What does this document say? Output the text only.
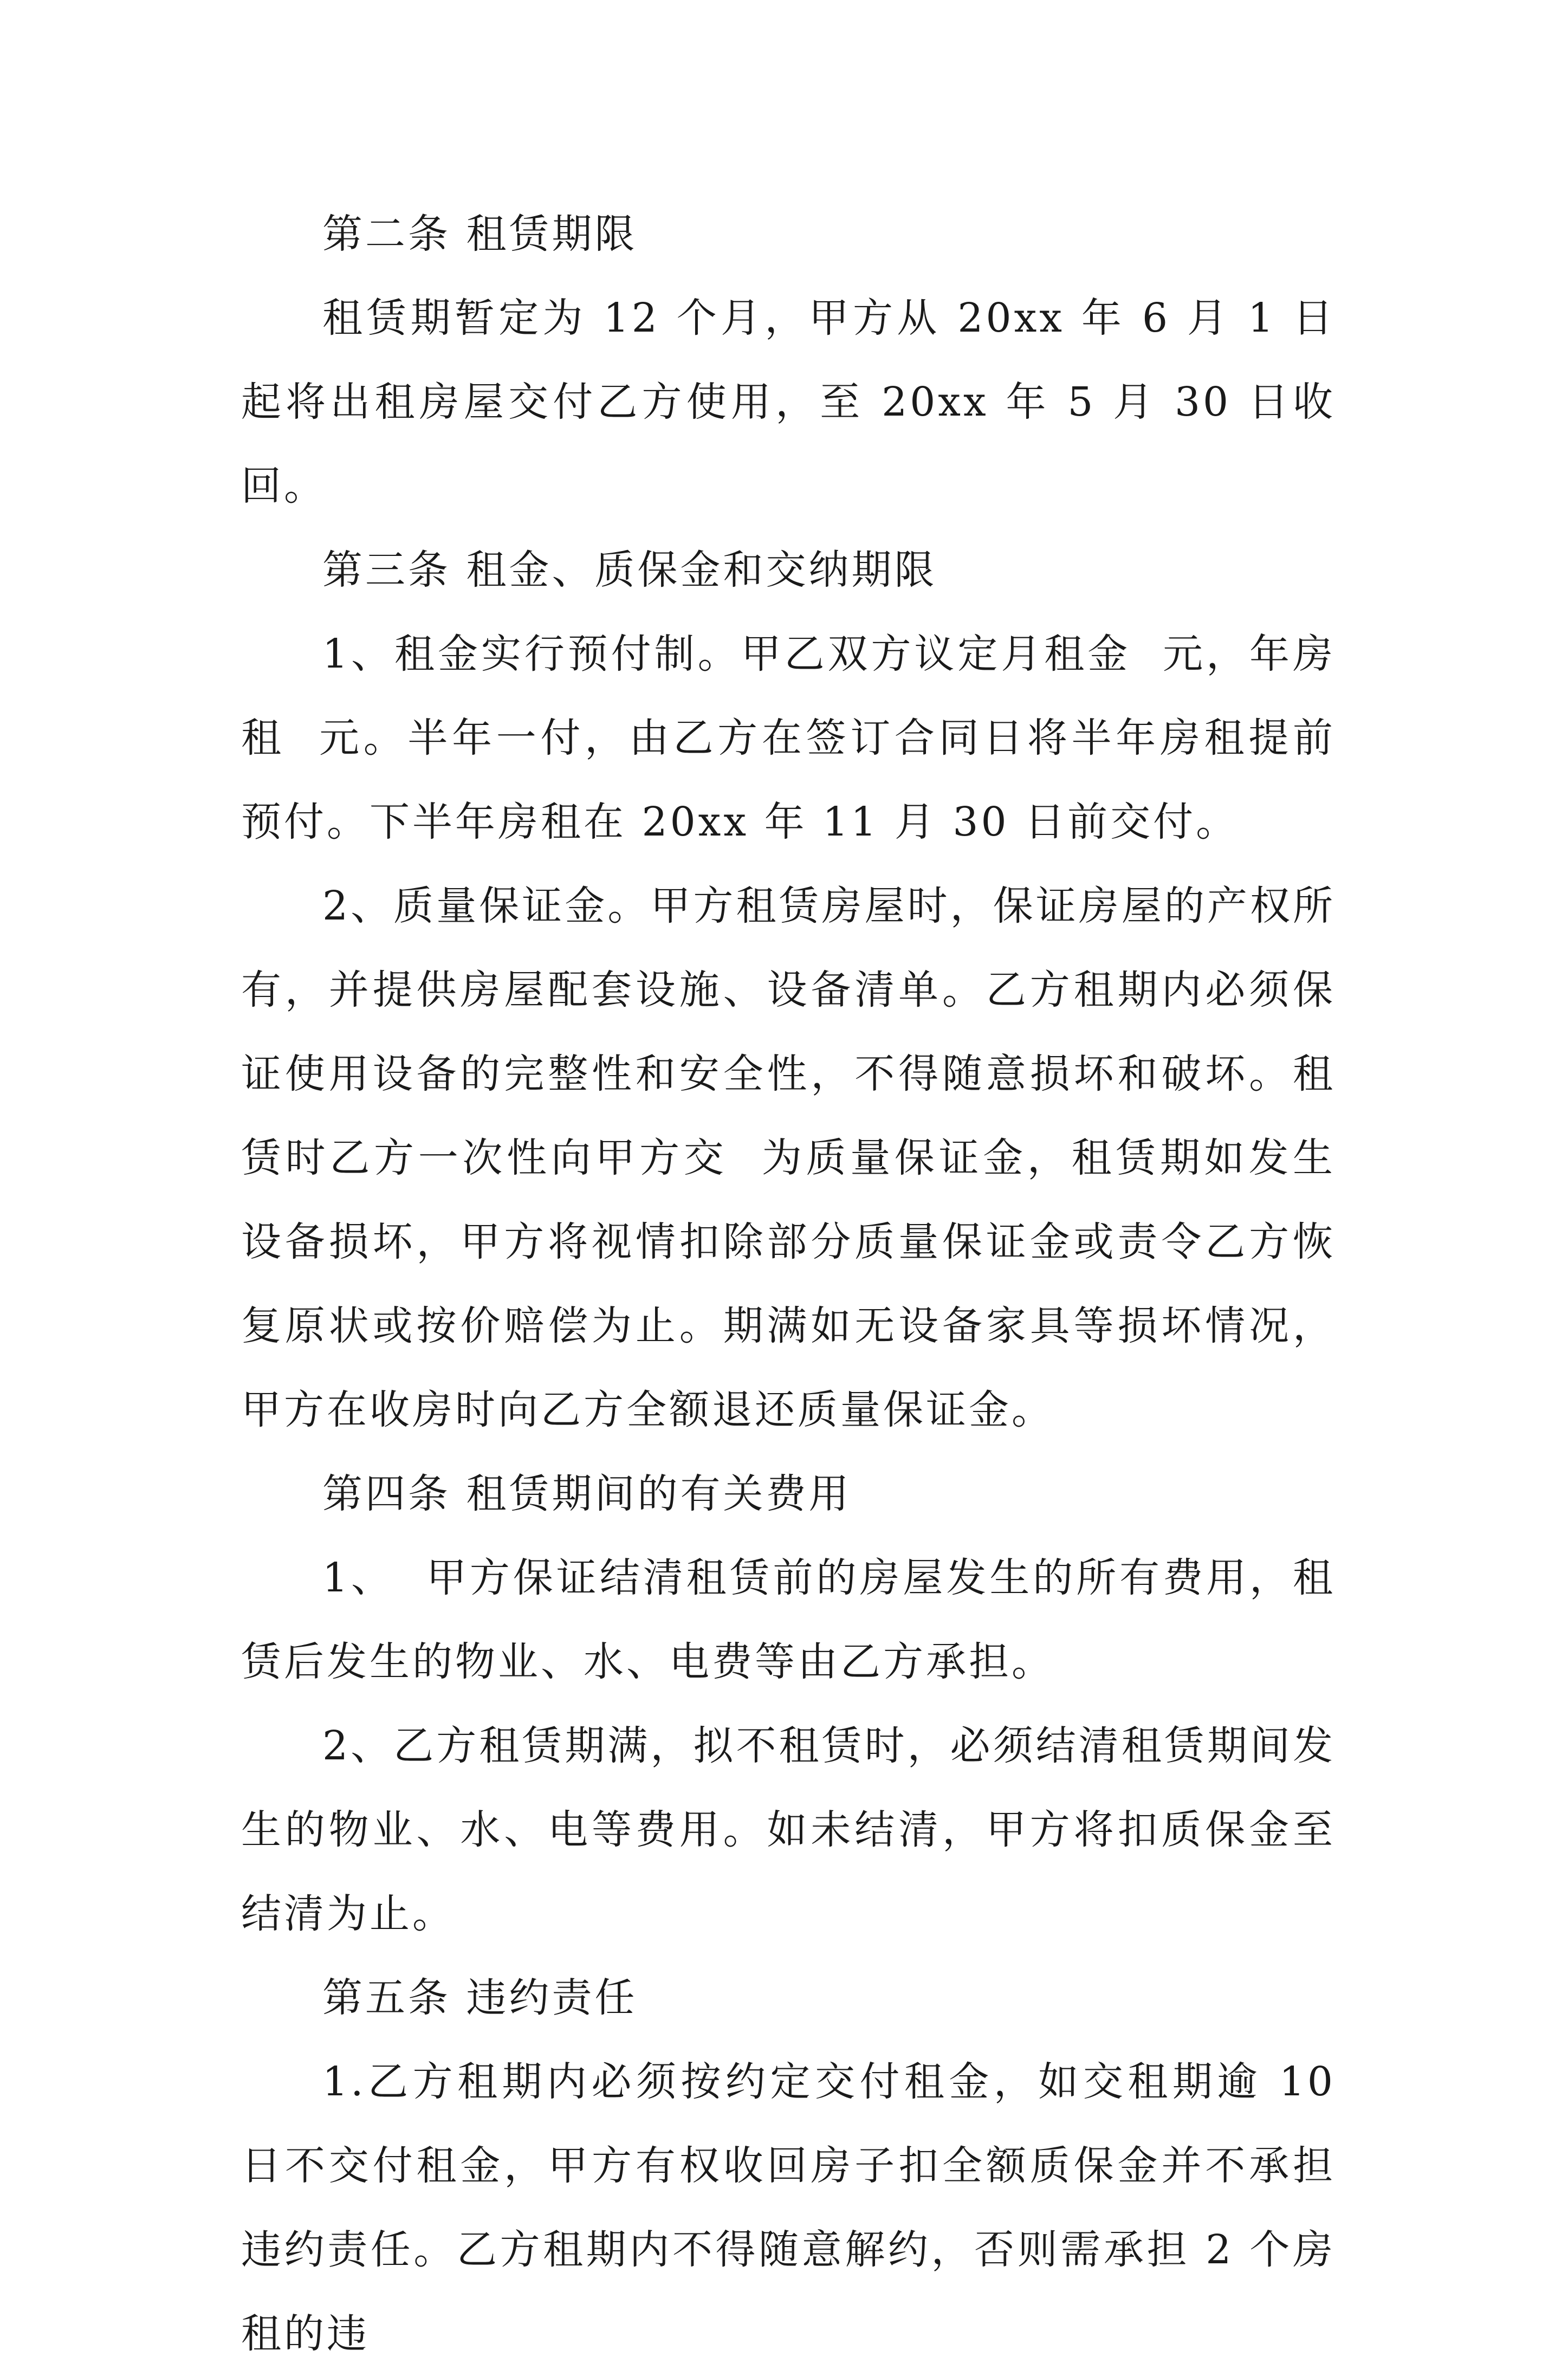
第二条 租赁期限

租赁期暂定为 12 个月，甲方从 20xx 年 6 月 1 日起将出租房屋交付乙方使用，至 20xx 年 5 月 30 日收回。

第三条 租金、质保金和交纳期限

1、租金实行预付制。甲乙双方议定月租金  元，年房租  元。半年一付，由乙方在签订合同日将半年房租提前预付。下半年房租在 20xx 年 11 月 30 日前交付。

2、质量保证金。甲方租赁房屋时，保证房屋的产权所有，并提供房屋配套设施、设备清单。乙方租期内必须保证使用设备的完整性和安全性，不得随意损坏和破坏。租赁时乙方一次性向甲方交  为质量保证金，租赁期如发生设备损坏，甲方将视情扣除部分质量保证金或责令乙方恢复原状或按价赔偿为止。期满如无设备家具等损坏情况，甲方在收房时向乙方全额退还质量保证金。

第四条 租赁期间的有关费用

1、  甲方保证结清租赁前的房屋发生的所有费用，租赁后发生的物业、水、电费等由乙方承担。

2、乙方租赁期满，拟不租赁时，必须结清租赁期间发生的物业、水、电等费用。如未结清，甲方将扣质保金至结清为止。

第五条 违约责任

1.乙方租期内必须按约定交付租金，如交租期逾 10 日不交付租金，甲方有权收回房子扣全额质保金并不承担违约责任。乙方租期内不得随意解约，否则需承担 2 个房租的违
